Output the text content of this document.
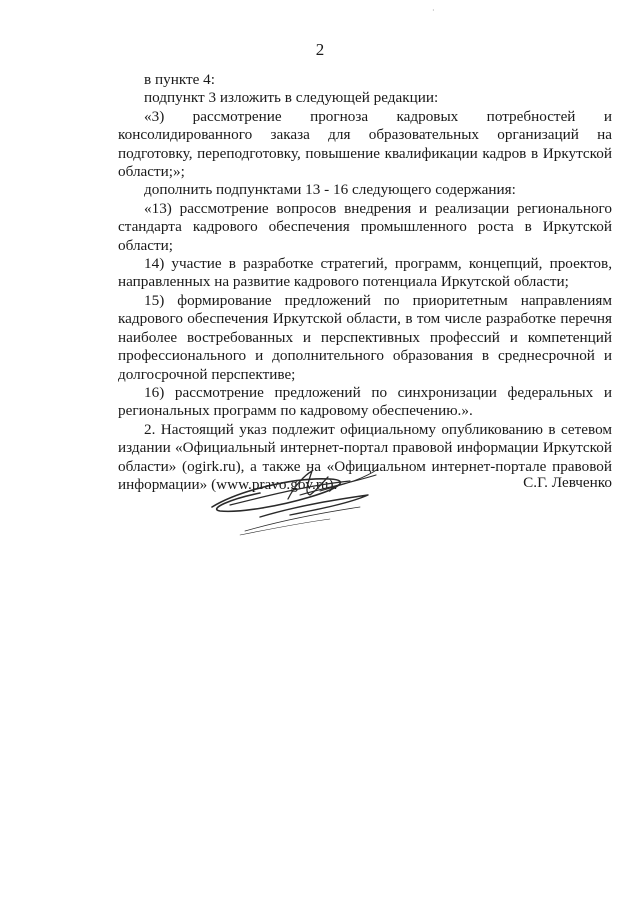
·
2

в пункте 4:

подпункт 3 изложить в следующей редакции:

«3) рассмотрение прогноза кадровых потребностей и консолидированного заказа для образовательных организаций на подготовку, переподготовку, повышение квалификации кадров в Иркутской области;»;

дополнить подпунктами 13 - 16 следующего содержания:

«13) рассмотрение вопросов внедрения и реализации регионального стандарта кадрового обеспечения промышленного роста в Иркутской области;

14) участие в разработке стратегий, программ, концепций, проектов, направленных на развитие кадрового потенциала Иркутской области;

15) формирование предложений по приоритетным направлениям кадрового обеспечения Иркутской области, в том числе разработке перечня наиболее востребованных и перспективных профессий и компетенций профессионального и дополнительного образования в среднесрочной и долгосрочной перспективе;

16) рассмотрение предложений по синхронизации федеральных и региональных программ по кадровому обеспечению.».

2. Настоящий указ подлежит официальному опубликованию в сетевом издании «Официальный интернет-портал правовой информации Иркутской области» (ogirk.ru), а также на «Официальном интернет-портале правовой информации» (www.pravo.gov.ru).	С.Г. Левченко
